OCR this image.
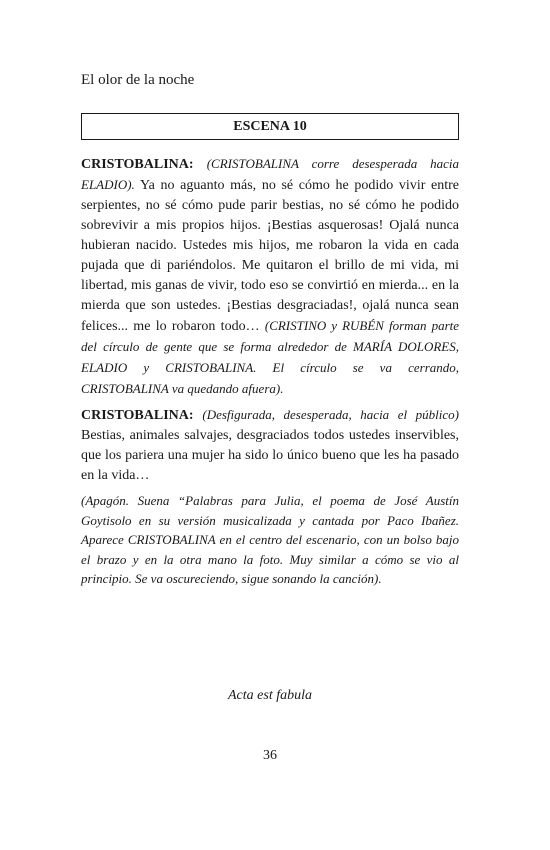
El olor de la noche
ESCENA 10

CRISTOBALINA: (CRISTOBALINA corre desesperada hacia ELADIO). Ya no aguanto más, no sé cómo he podido vivir entre serpientes, no sé cómo pude parir bestias, no sé cómo he podido sobrevivir a mis propios hijos. ¡Bestias asquerosas! Ojalá nunca hubieran nacido. Ustedes mis hijos, me robaron la vida en cada pujada que di pariéndolos. Me quitaron el brillo de mi vida, mi libertad, mis ganas de vivir, todo eso se convirtió en mierda... en la mierda que son ustedes. ¡Bestias desgraciadas!, ojalá nunca sean felices... me lo robaron todo… (CRISTINO y RUBÉN forman parte del círculo de gente que se forma alrededor de MARÍA DOLORES, ELADIO y CRISTOBALINA. El círculo se va cerrando, CRISTOBALINA va quedando afuera).

CRISTOBALINA: (Desfigurada, desesperada, hacia el público) Bestias, animales salvajes, desgraciados todos ustedes inservibles, que los pariera una mujer ha sido lo único bueno que les ha pasado en la vida…

(Apagón. Suena “Palabras para Julia, el poema de José Austín Goytisolo en su versión musicalizada y cantada por Paco Ibañez. Aparece CRISTOBALINA en el centro del escenario, con un bolso bajo el brazo y en la otra mano la foto. Muy similar a cómo se vio al principio. Se va oscureciendo, sigue sonando la canción).

Acta est fabula
36
